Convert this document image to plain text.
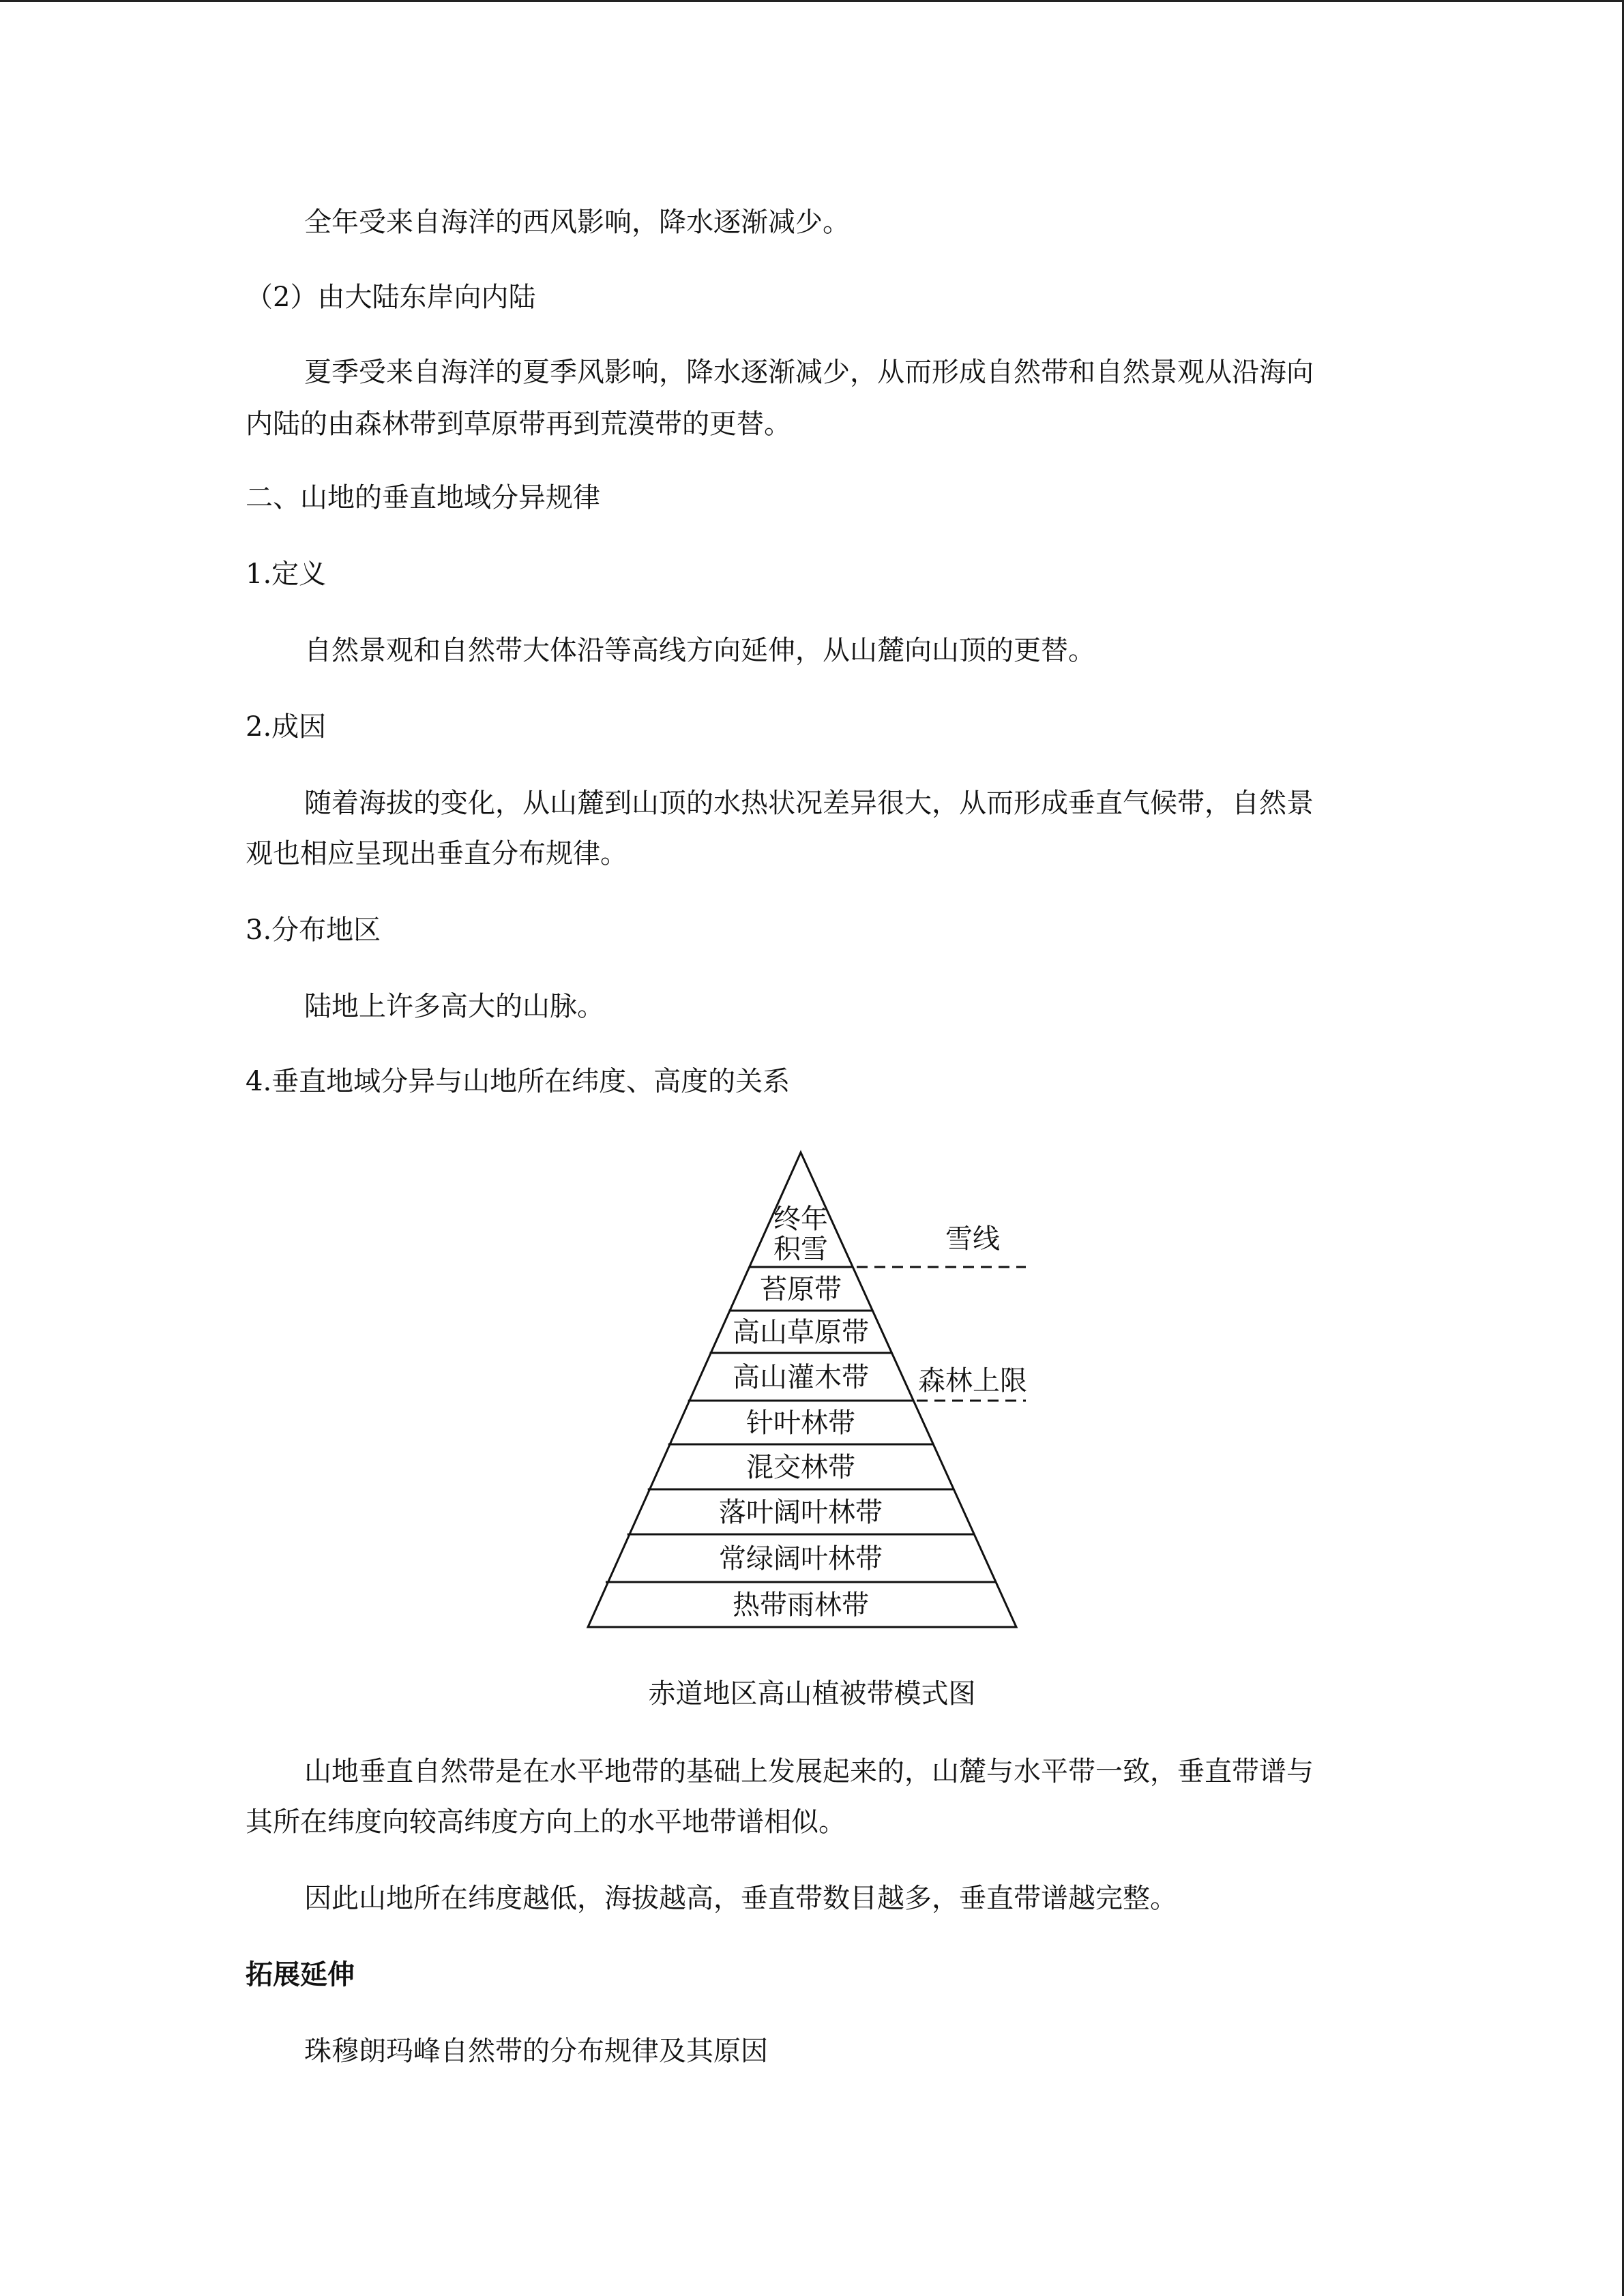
全年受来自海洋的西风影响，降水逐渐减少。
（2）由大陆东岸向内陆
夏季受来自海洋的夏季风影响，降水逐渐减少，从而形成自然带和自然景观从沿海向
内陆的由森林带到草原带再到荒漠带的更替。
二、山地的垂直地域分异规律
1.定义
自然景观和自然带大体沿等高线方向延伸，从山麓向山顶的更替。
2.成因
随着海拔的变化，从山麓到山顶的水热状况差异很大，从而形成垂直气候带，自然景
观也相应呈现出垂直分布规律。
3.分布地区
陆地上许多高大的山脉。
4.垂直地域分异与山地所在纬度、高度的关系
终年
积雪
苔原带
高山草原带
高山灌木带
针叶林带
混交林带
落叶阔叶林带
常绿阔叶林带
热带雨林带
雪线
森林上限
赤道地区高山植被带模式图
山地垂直自然带是在水平地带的基础上发展起来的，山麓与水平带一致，垂直带谱与
其所在纬度向较高纬度方向上的水平地带谱相似。
因此山地所在纬度越低，海拔越高，垂直带数目越多，垂直带谱越完整。
拓展延伸
珠穆朗玛峰自然带的分布规律及其原因
